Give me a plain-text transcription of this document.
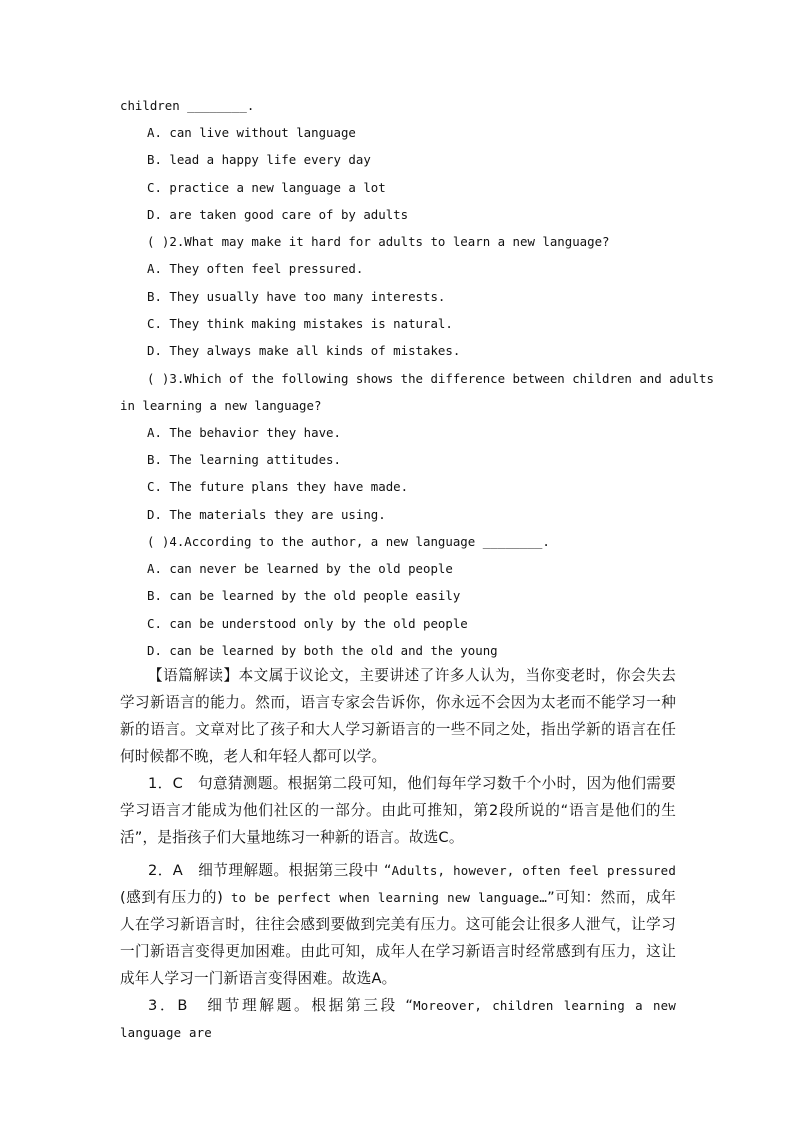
children ________.
A. can live without language
B. lead a happy life every day
C. practice a new language a lot
D. are taken good care of by adults
( )2.What may make it hard for adults to learn a new language?
A. They often feel pressured.
B. They usually have too many interests.
C. They think making mistakes is natural.
D. They always make all kinds of mistakes.
( )3.Which of the following shows the difference between children and adults
in learning a new language?
A. The behavior they have.
B. The learning attitudes.
C. The future plans they have made.
D. The materials they are using.
( )4.According to the author, a new language ________.
A. can never be learned by the old people
B. can be learned by the old people easily
C. can be understood only by the old people
D. can be learned by both the old and the young
【语篇解读】本文属于议论文，主要讲述了许多人认为，当你变老时，你会失去学习新语言的能力。然而，语言专家会告诉你，你永远不会因为太老而不能学习一种新的语言。文章对比了孩子和大人学习新语言的一些不同之处，指出学新的语言在任何时候都不晚，老人和年轻人都可以学。
1．C　句意猜测题。根据第二段可知，他们每年学习数千个小时，因为他们需要学习语言才能成为他们社区的一部分。由此可推知，第2段所说的“语言是他们的生活”，是指孩子们大量地练习一种新的语言。故选C。
2．A　细节理解题。根据第三段中 “Adults, however, often feel pressured (感到有压力的) to be perfect when learning new language…”可知：然而，成年人在学习新语言时，往往会感到要做到完美有压力。这可能会让很多人泄气，让学习一门新语言变得更加困难。由此可知，成年人在学习新语言时经常感到有压力，这让成年人学习一门新语言变得困难。故选A。
3．B　细节理解题。根据第三段 “Moreover, children learning a new language are
